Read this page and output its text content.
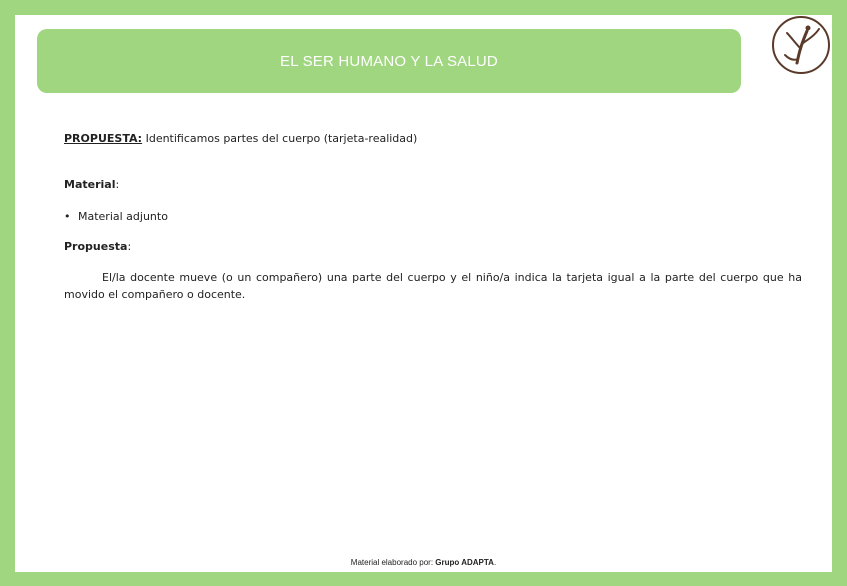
EL SER HUMANO Y LA SALUD

PROPUESTA: Identificamos partes del cuerpo (tarjeta-realidad)

Material:

• Material adjunto

Propuesta:

El/la docente mueve (o un compañero) una parte del cuerpo y el niño/a indica la tarjeta igual a la parte del cuerpo que ha movido el compañero o docente.

Material elaborado por: Grupo ADAPTA.
